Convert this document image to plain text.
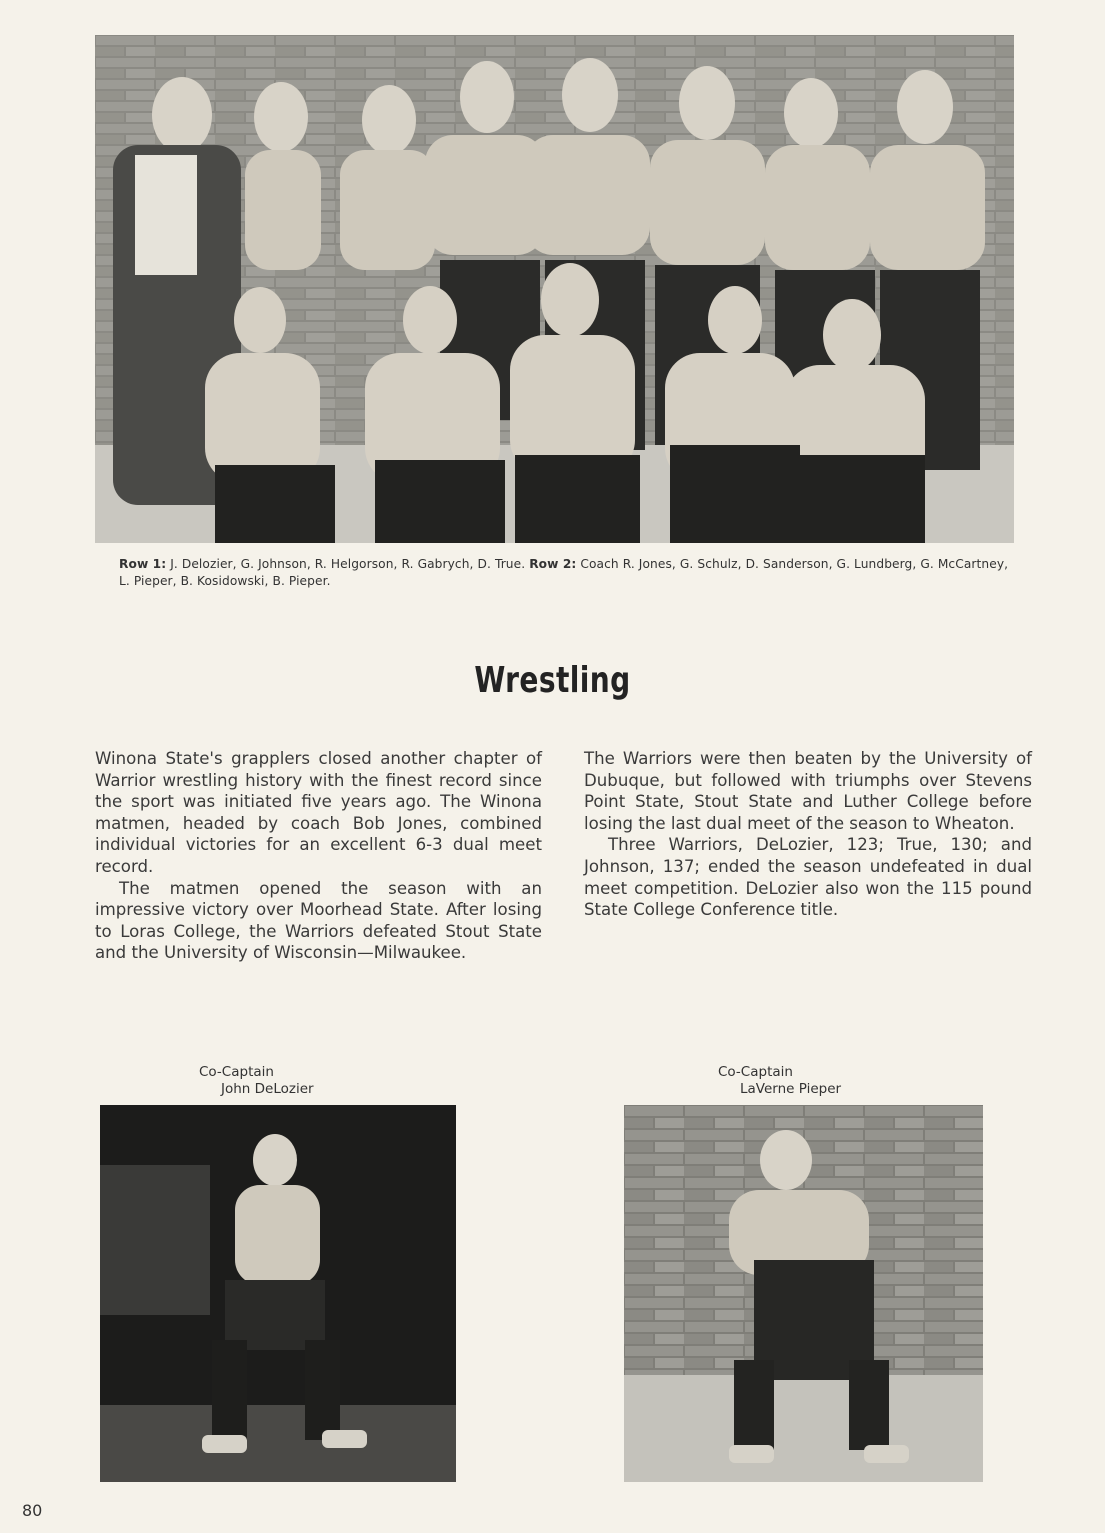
Row 1: J. Delozier, G. Johnson, R. Helgorson, R. Gabrych, D. True. Row 2: Coach R. Jones, G. Schulz, D. Sanderson, G. Lundberg, G. McCartney, L. Pieper, B. Kosidowski, B. Pieper.
Wrestling

Winona State's grapplers closed another chapter of Warrior wrestling history with the finest record since the sport was initiated five years ago. The Winona matmen, headed by coach Bob Jones, combined individual victories for an excellent 6-3 dual meet record.

The matmen opened the season with an impressive victory over Moorhead State. After losing to Loras College, the Warriors defeated Stout State and the University of Wisconsin—Milwaukee.

The Warriors were then beaten by the University of Dubuque, but followed with triumphs over Stevens Point State, Stout State and Luther College before losing the last dual meet of the season to Wheaton.

Three Warriors, DeLozier, 123; True, 130; and Johnson, 137; ended the season undefeated in dual meet competition. DeLozier also won the 115 pound State College Conference title.

Co-Captain
John DeLozier
Co-Captain
LaVerne Pieper
80
